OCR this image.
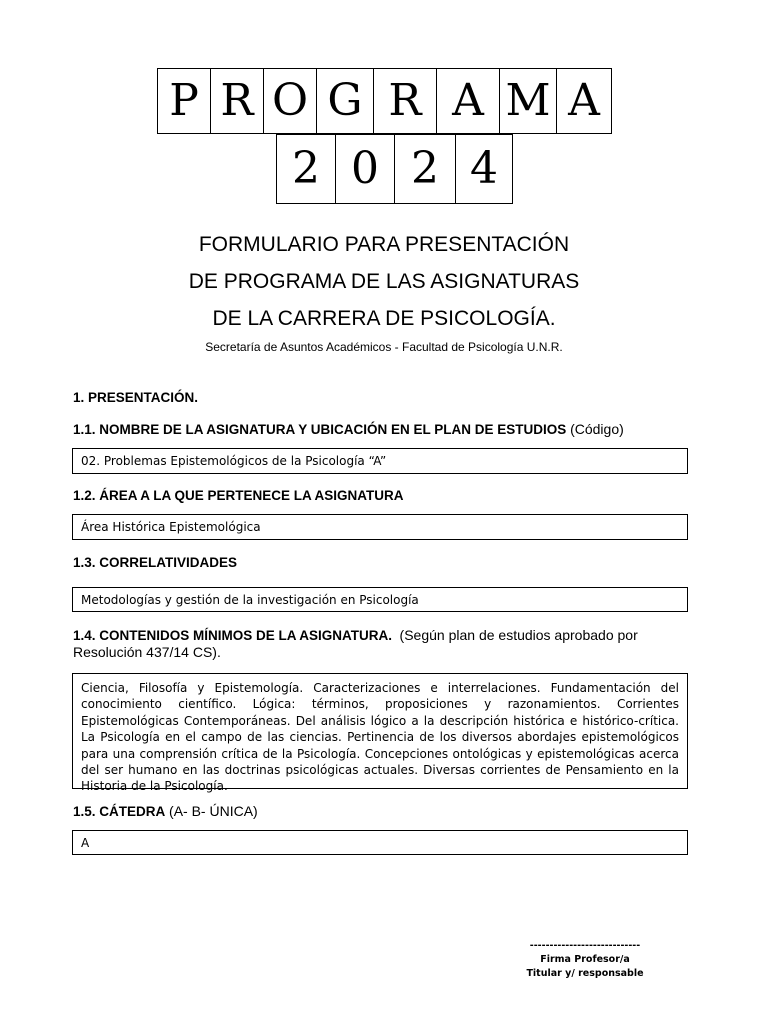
P R O G R A M A
2 0 2 4
FORMULARIO PARA PRESENTACIÓN
DE PROGRAMA DE LAS ASIGNATURAS
DE LA CARRERA DE PSICOLOGÍA.
Secretaría de Asuntos Académicos - Facultad de Psicología U.N.R.
1. PRESENTACIÓN.
1.1. NOMBRE DE LA ASIGNATURA Y UBICACIÓN EN EL PLAN DE ESTUDIOS (Código)
02. Problemas Epistemológicos de la Psicología “A”
1.2. ÁREA A LA QUE PERTENECE LA ASIGNATURA
Área Histórica Epistemológica
1.3. CORRELATIVIDADES
Metodologías y gestión de la investigación en Psicología
1.4. CONTENIDOS MÍNIMOS DE LA ASIGNATURA. (Según plan de estudios aprobado por Resolución 437/14 CS).
Ciencia, Filosofía y Epistemología. Caracterizaciones e interrelaciones. Fundamentación del conocimiento científico. Lógica: términos, proposiciones y razonamientos. Corrientes Epistemológicas Contemporáneas. Del análisis lógico a la descripción histórica e histórico-crítica. La Psicología en el campo de las ciencias. Pertinencia de los diversos abordajes epistemológicos para una comprensión crítica de la Psicología. Concepciones ontológicas y epistemológicas acerca del ser humano en las doctrinas psicológicas actuales. Diversas corrientes de Pensamiento en la Historia de la Psicología.
1.5. CÁTEDRA (A- B- ÚNICA)
A
----------------------------
Firma Profesor/a
Titular y/ responsable
